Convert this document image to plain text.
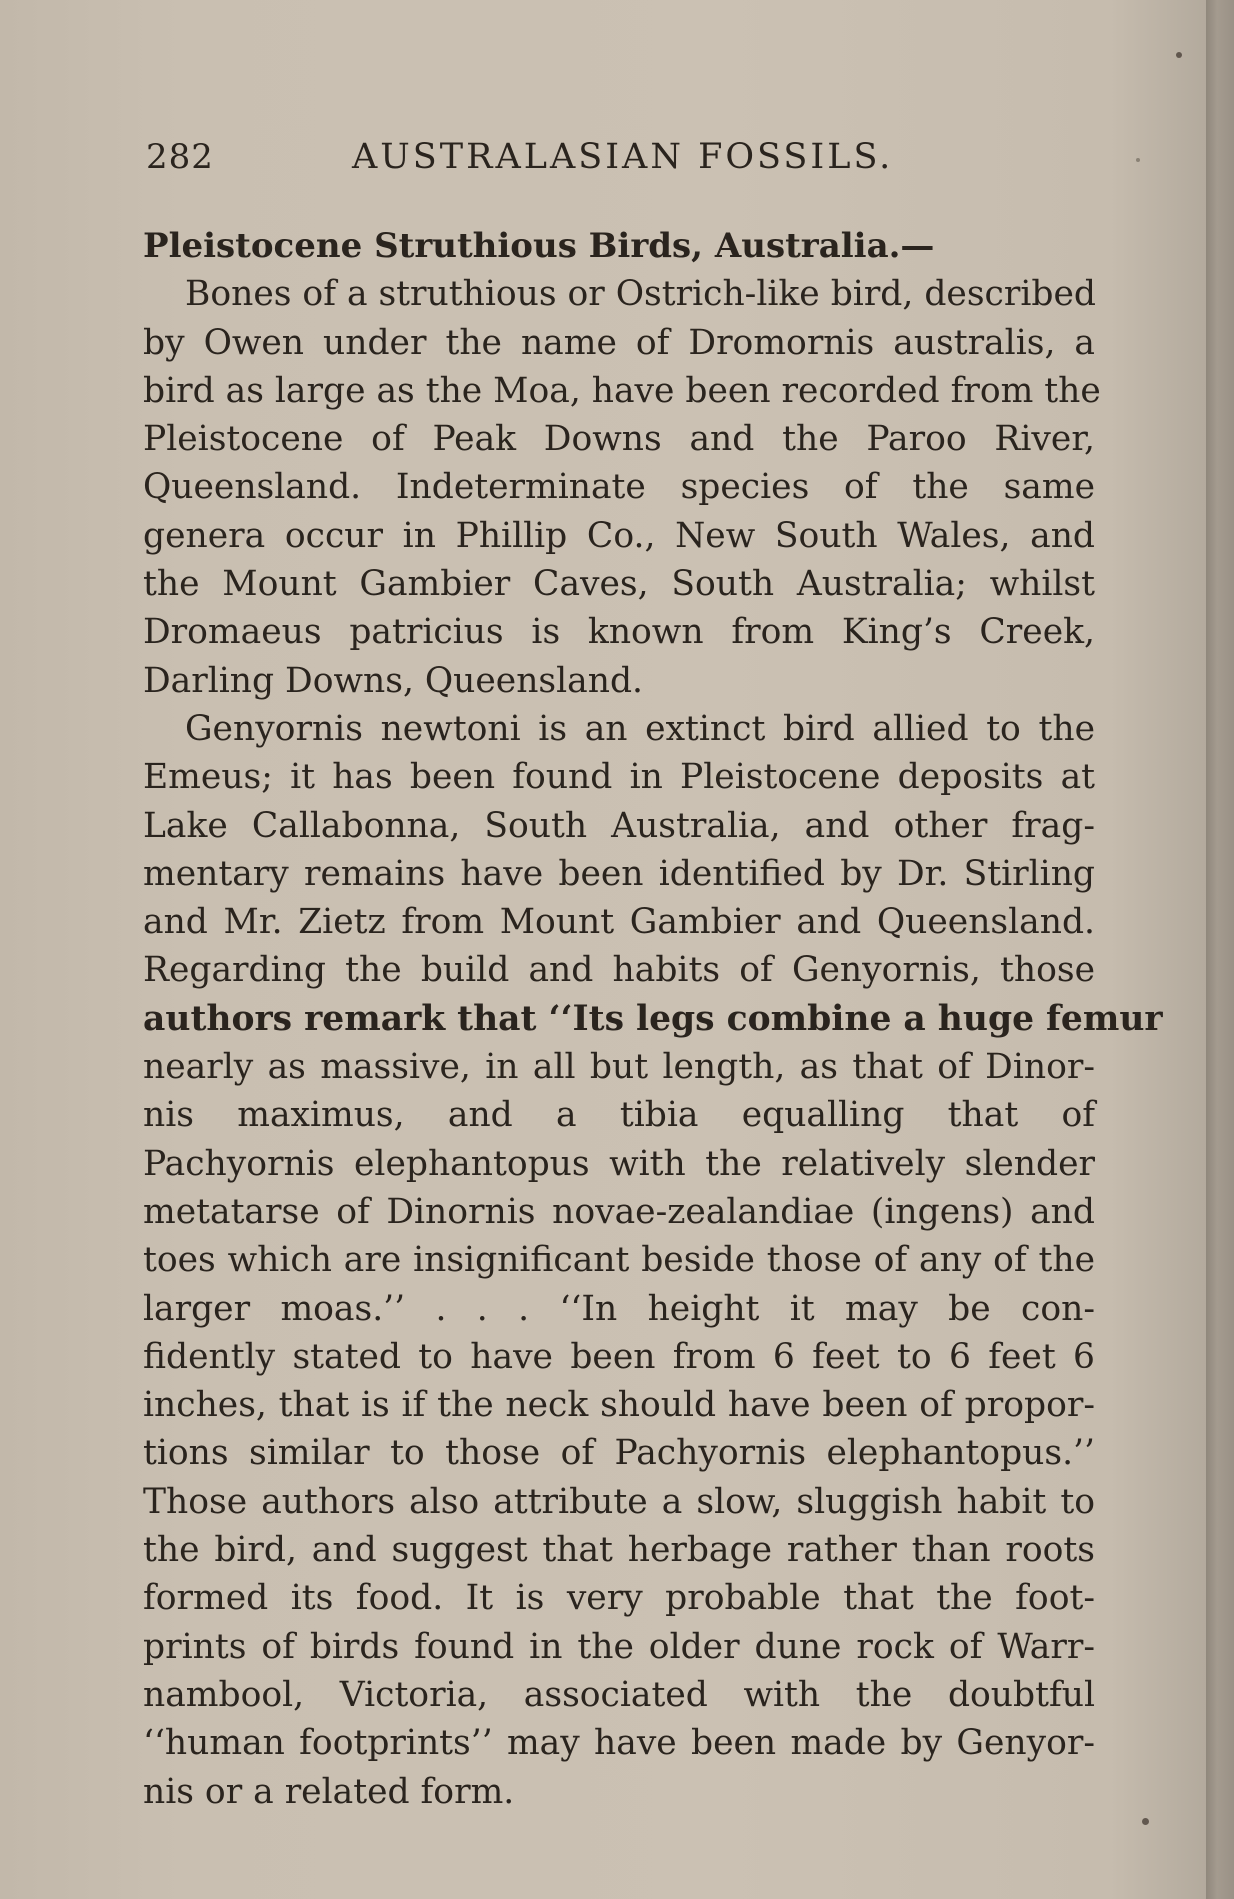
282	AUSTRALASIAN FOSSILS.
Pleistocene Struthious Birds, Australia.—
Bones of a struthious or Ostrich-like bird, described
by Owen under the name of Dromornis australis, a
bird as large as the Moa, have been recorded from the
Pleistocene of Peak Downs and the Paroo River,
Queensland. Indeterminate species of the same
genera occur in Phillip Co., New South Wales, and
the Mount Gambier Caves, South Australia; whilst
Dromaeus patricius is known from King’s Creek,
Darling Downs, Queensland.
Genyornis newtoni is an extinct bird allied to the
Emeus; it has been found in Pleistocene deposits at
Lake Callabonna, South Australia, and other frag-
mentary remains have been identified by Dr. Stirling
and Mr. Zietz from Mount Gambier and Queensland.
Regarding the build and habits of Genyornis, those
authors remark that ‘‘Its legs combine a huge femur
nearly as massive, in all but length, as that of Dinor-
nis maximus, and a tibia equalling that of
Pachyornis elephantopus with the relatively slender
metatarse of Dinornis novae-zealandiae (ingens) and
toes which are insignificant beside those of any of the
larger moas.’’ . . . ‘‘In height it may be con-
fidently stated to have been from 6 feet to 6 feet 6
inches, that is if the neck should have been of propor-
tions similar to those of Pachyornis elephantopus.’’
Those authors also attribute a slow, sluggish habit to
the bird, and suggest that herbage rather than roots
formed its food. It is very probable that the foot-
prints of birds found in the older dune rock of Warr-
nambool, Victoria, associated with the doubtful
‘‘human footprints’’ may have been made by Genyor-
nis or a related form.
